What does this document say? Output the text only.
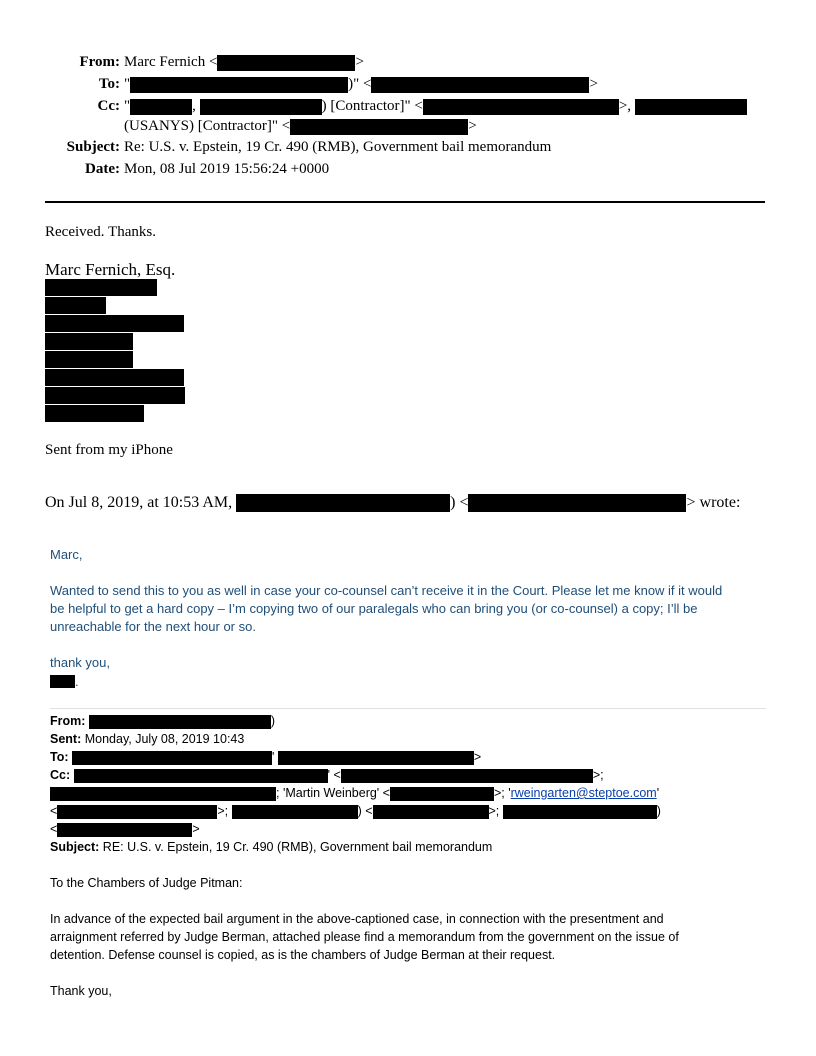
From: Marc Fernich <	>
To: "	)" <	>
Cc: "	,	) [Contractor]" <	>,
(USANYS) [Contractor]" <	>
Subject: Re: U.S. v. Epstein, 19 Cr. 490 (RMB), Government bail memorandum
Date: Mon, 08 Jul 2019 15:56:24 +0000
Received. Thanks.
Marc Fernich, Esq.
Sent from my iPhone
On Jul 8, 2019, at 10:53 AM,	) <	> wrote:
Marc,
Wanted to send this to you as well in case your co-counsel can’t receive it in the Court. Please let me know if it would
be helpful to get a hard copy – I’m copying two of our paralegals who can bring you (or co-counsel) a copy; I’ll be
unreachable for the next hour or so.
thank you,
.
From:	)
Sent: Monday, July 08, 2019 10:43
To:	'	>
Cc:	' <	>;
; 'Martin Weinberg' <	>; 'rweingarten@steptoe.com'
<	>;	) <	>;	)
<	>
Subject: RE: U.S. v. Epstein, 19 Cr. 490 (RMB), Government bail memorandum
To the Chambers of Judge Pitman:
In advance of the expected bail argument in the above-captioned case, in connection with the presentment and
arraignment referred by Judge Berman, attached please find a memorandum from the government on the issue of
detention. Defense counsel is copied, as is the chambers of Judge Berman at their request.
Thank you,
